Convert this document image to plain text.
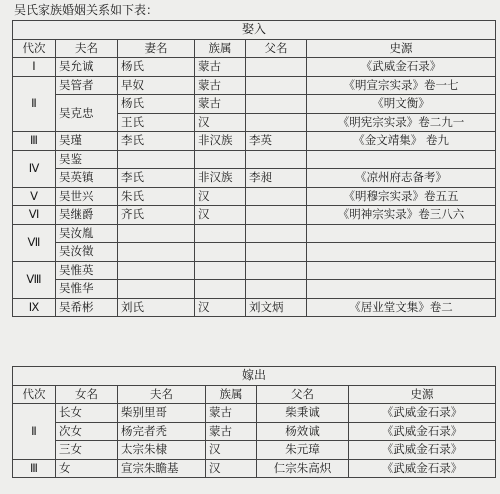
吴氏家族婚姻关系如下表：
娶入					
代次	夫名	妻名	族属	父名	史源
Ⅰ	吴允诚	杨氏	蒙古		《武威金石录》
Ⅱ	吴管者	早奴	蒙古		《明宣宗实录》卷一七
	吴克忠	杨氏	蒙古		《明文衡》
		王氏	汉		《明宪宗实录》卷二九一
Ⅲ	吴瑾	李氏	非汉族	李英	《金文靖集》 卷九
Ⅳ	吴鉴				
	吴英镇	李氏	非汉族	李昶	《凉州府志备考》
Ⅴ	吴世兴	朱氏	汉		《明穆宗实录》卷五五
Ⅵ	吴继爵	齐氏	汉		《明神宗实录》卷三八六
Ⅶ	吴汝胤				
	吴汝徵				
Ⅷ	吴惟英				
	吴惟华				
Ⅸ	吴希彬	刘氏	汉	刘文炳	《居业堂文集》卷二
嫁出					
代次	女名	夫名	族属	父名	史源
Ⅱ	长女	柴别里哥	蒙古	柴秉诚	《武威金石录》
	次女	杨完者秃	蒙古	杨效诚	《武威金石录》
	三女	太宗朱棣	汉	朱元璋	《武威金石录》
Ⅲ	女	宣宗朱瞻基	汉	仁宗朱高炽	《武威金石录》
